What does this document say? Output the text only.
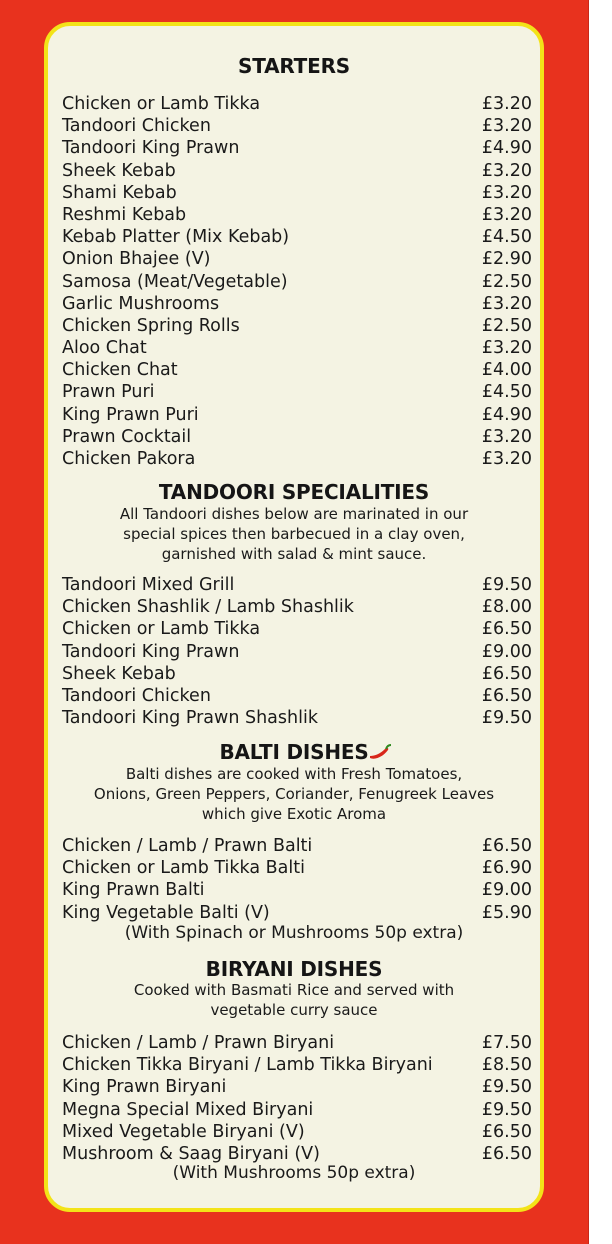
STARTERS
Chicken or Lamb Tikka	£3.20
Tandoori Chicken	£3.20
Tandoori King Prawn	£4.90
Sheek Kebab	£3.20
Shami Kebab	£3.20
Reshmi Kebab	£3.20
Kebab Platter (Mix Kebab)	£4.50
Onion Bhajee (V)	£2.90
Samosa (Meat/Vegetable)	£2.50
Garlic Mushrooms	£3.20
Chicken Spring Rolls	£2.50
Aloo Chat	£3.20
Chicken Chat	£4.00
Prawn Puri	£4.50
King Prawn Puri	£4.90
Prawn Cocktail	£3.20
Chicken Pakora	£3.20
TANDOORI SPECIALITIES
All Tandoori dishes below are marinated in our
special spices then barbecued in a clay oven,
garnished with salad & mint sauce.
Tandoori Mixed Grill	£9.50
Chicken Shashlik / Lamb Shashlik	£8.00
Chicken or Lamb Tikka	£6.50
Tandoori King Prawn	£9.00
Sheek Kebab	£6.50
Tandoori Chicken	£6.50
Tandoori King Prawn Shashlik	£9.50
BALTI DISHES
Balti dishes are cooked with Fresh Tomatoes,
Onions, Green Peppers, Coriander, Fenugreek Leaves
which give Exotic Aroma
Chicken / Lamb / Prawn Balti	£6.50
Chicken or Lamb Tikka Balti	£6.90
King Prawn Balti	£9.00
King Vegetable Balti (V)	£5.90
(With Spinach or Mushrooms 50p extra)
BIRYANI DISHES
Cooked with Basmati Rice and served with
vegetable curry sauce
Chicken / Lamb / Prawn Biryani	£7.50
Chicken Tikka Biryani / Lamb Tikka Biryani	£8.50
King Prawn Biryani	£9.50
Megna Special Mixed Biryani	£9.50
Mixed Vegetable Biryani (V)	£6.50
Mushroom & Saag Biryani (V)	£6.50
(With Mushrooms 50p extra)
